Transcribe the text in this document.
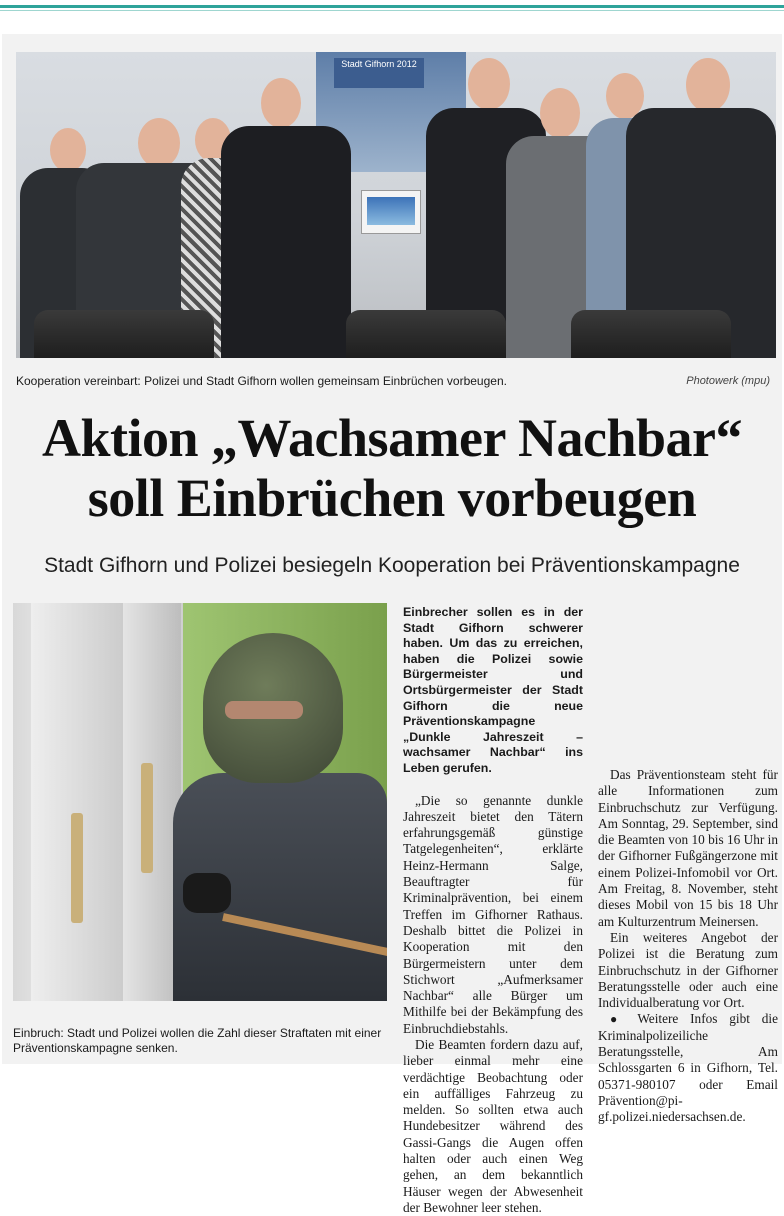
Stadt Gifhorn 2012
Kooperation vereinbart: Polizei und Stadt Gifhorn wollen gemeinsam Einbrüchen vorbeugen.	Photowerk (mpu)
Aktion „Wachsamer Nachbar“
soll Einbrüchen vorbeugen
Stadt Gifhorn und Polizei besiegeln Kooperation bei Präventionskampagne
Einbruch: Stadt und Polizei wollen die Zahl dieser Straftaten mit einer Präventionskampagne senken.

Einbrecher sollen es in der Stadt Gifhorn schwerer haben. Um das zu erreichen, haben die Polizei sowie Bürgermeister und Ortsbürgermeister der Stadt Gifhorn die neue Präventionskampagne „Dunkle Jahreszeit – wachsamer Nachbar“ ins Leben gerufen.

„Die so genannte dunkle Jahreszeit bietet den Tätern erfahrungsgemäß günstige Tatgelegenheiten“, erklärte Heinz-Hermann Salge, Beauftragter für Kriminalprävention, bei einem Treffen im Gifhorner Rathaus. Deshalb bittet die Polizei in Kooperation mit den Bürgermeistern unter dem Stichwort „Aufmerksamer Nachbar“ alle Bürger um Mithilfe bei der Bekämpfung des Einbruchdiebstahls.

Die Beamten fordern dazu auf, lieber einmal mehr eine verdächtige Beobachtung oder ein auffälliges Fahrzeug zu melden. So sollten etwa auch Hundebesitzer während des Gassi-Gangs die Augen offen halten oder auch einen Weg gehen, an dem bekanntlich Häuser wegen der Abwesenheit der Bewohner leer stehen.

Das Präventionsteam steht für alle Informationen zum Einbruchschutz zur Verfügung. Am Sonntag, 29. September, sind die Beamten von 10 bis 16 Uhr in der Gifhorner Fußgängerzone mit einem Polizei-Infomobil vor Ort. Am Freitag, 8. November, steht dieses Mobil von 15 bis 18 Uhr am Kulturzentrum Meinersen.

Ein weiteres Angebot der Polizei ist die Beratung zum Einbruchschutz in der Gifhorner Beratungsstelle oder auch eine Individualberatung vor Ort.

● Weitere Infos gibt die Kriminalpolizeiliche Beratungsstelle, Am Schlossgarten 6 in Gifhorn, Tel. 05371-980107 oder Email Prävention@pi-gf.polizei.niedersachsen.de.
